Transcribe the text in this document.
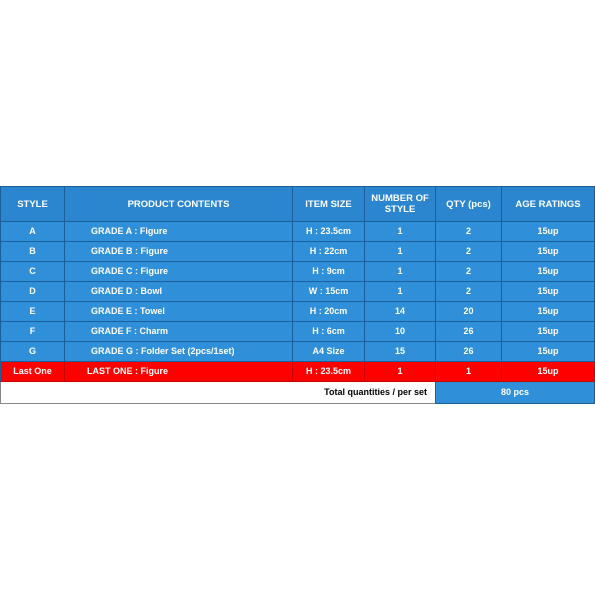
STYLE	PRODUCT CONTENTS	ITEM SIZE	NUMBER OF STYLE	QTY (pcs)	AGE RATINGS
A	GRADE A : Figure	H : 23.5cm	1	2	15up
B	GRADE B : Figure	H : 22cm	1	2	15up
C	GRADE C : Figure	H : 9cm	1	2	15up
D	GRADE D : Bowl	W : 15cm	1	2	15up
E	GRADE E : Towel	H : 20cm	14	20	15up
F	GRADE F : Charm	H : 6cm	10	26	15up
G	GRADE G : Folder Set (2pcs/1set)	A4 Size	15	26	15up
Last One	LAST ONE : Figure	H : 23.5cm	1	1	15up
Total quantities / per set	80 pcs
